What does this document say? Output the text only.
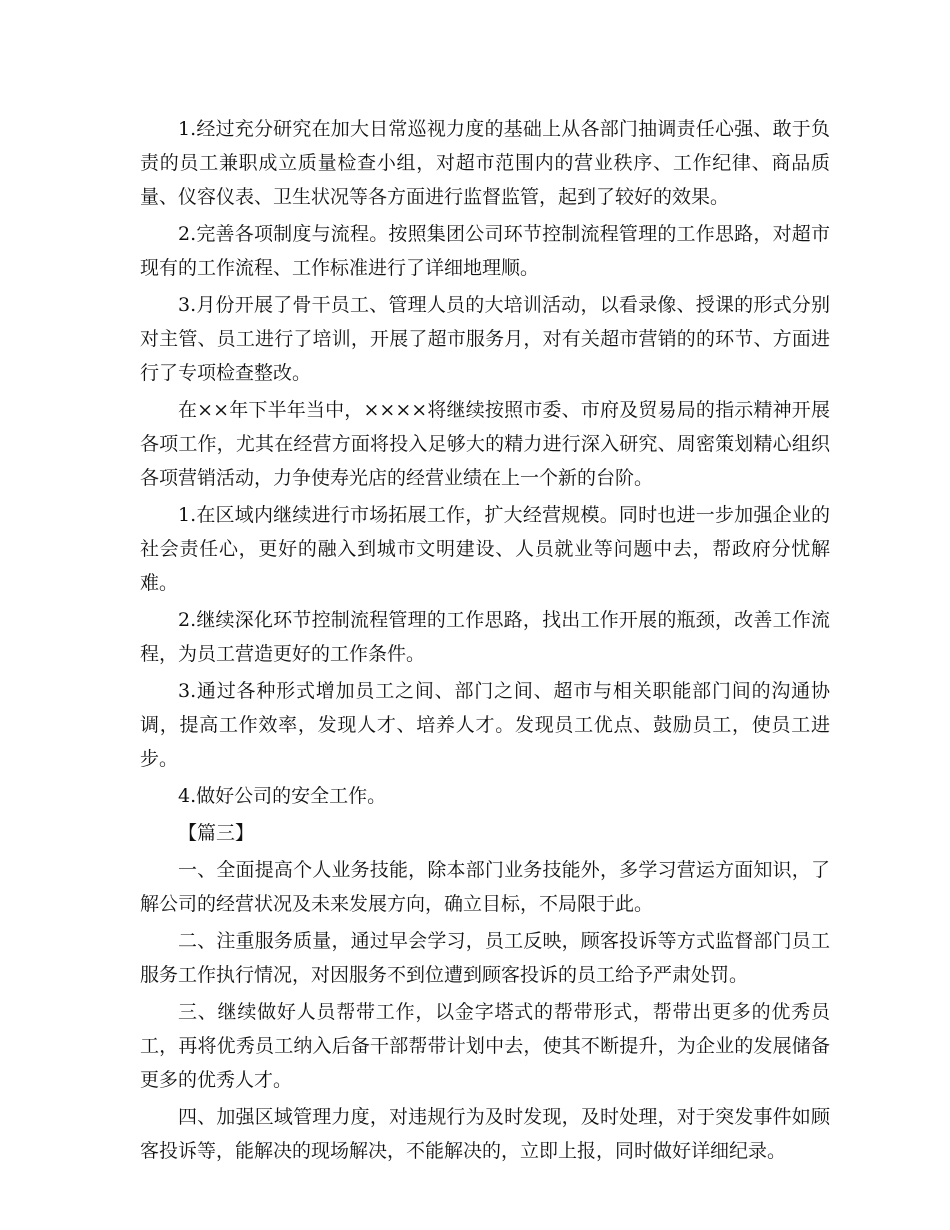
1.经过充分研究在加大日常巡视力度的基础上从各部门抽调责任心强、敢于负责的员工兼职成立质量检查小组，对超市范围内的营业秩序、工作纪律、商品质量、仪容仪表、卫生状况等各方面进行监督监管，起到了较好的效果。

2.完善各项制度与流程。按照集团公司环节控制流程管理的工作思路，对超市现有的工作流程、工作标准进行了详细地理顺。

3.月份开展了骨干员工、管理人员的大培训活动，以看录像、授课的形式分别对主管、员工进行了培训，开展了超市服务月，对有关超市营销的的环节、方面进行了专项检查整改。

在××年下半年当中，××××将继续按照市委、市府及贸易局的指示精神开展各项工作，尤其在经营方面将投入足够大的精力进行深入研究、周密策划精心组织各项营销活动，力争使寿光店的经营业绩在上一个新的台阶。

1.在区域内继续进行市场拓展工作，扩大经营规模。同时也进一步加强企业的社会责任心，更好的融入到城市文明建设、人员就业等问题中去，帮政府分忧解难。

2.继续深化环节控制流程管理的工作思路，找出工作开展的瓶颈，改善工作流程，为员工营造更好的工作条件。

3.通过各种形式增加员工之间、部门之间、超市与相关职能部门间的沟通协调，提高工作效率，发现人才、培养人才。发现员工优点、鼓励员工，使员工进步。

4.做好公司的安全工作。

【篇三】

一、全面提高个人业务技能，除本部门业务技能外，多学习营运方面知识，了解公司的经营状况及未来发展方向，确立目标，不局限于此。

二、注重服务质量，通过早会学习，员工反映，顾客投诉等方式监督部门员工服务工作执行情况，对因服务不到位遭到顾客投诉的员工给予严肃处罚。

三、继续做好人员帮带工作，以金字塔式的帮带形式，帮带出更多的优秀员工，再将优秀员工纳入后备干部帮带计划中去，使其不断提升，为企业的发展储备更多的优秀人才。

四、加强区域管理力度，对违规行为及时发现，及时处理，对于突发事件如顾客投诉等，能解决的现场解决，不能解决的，立即上报，同时做好详细纪录。
